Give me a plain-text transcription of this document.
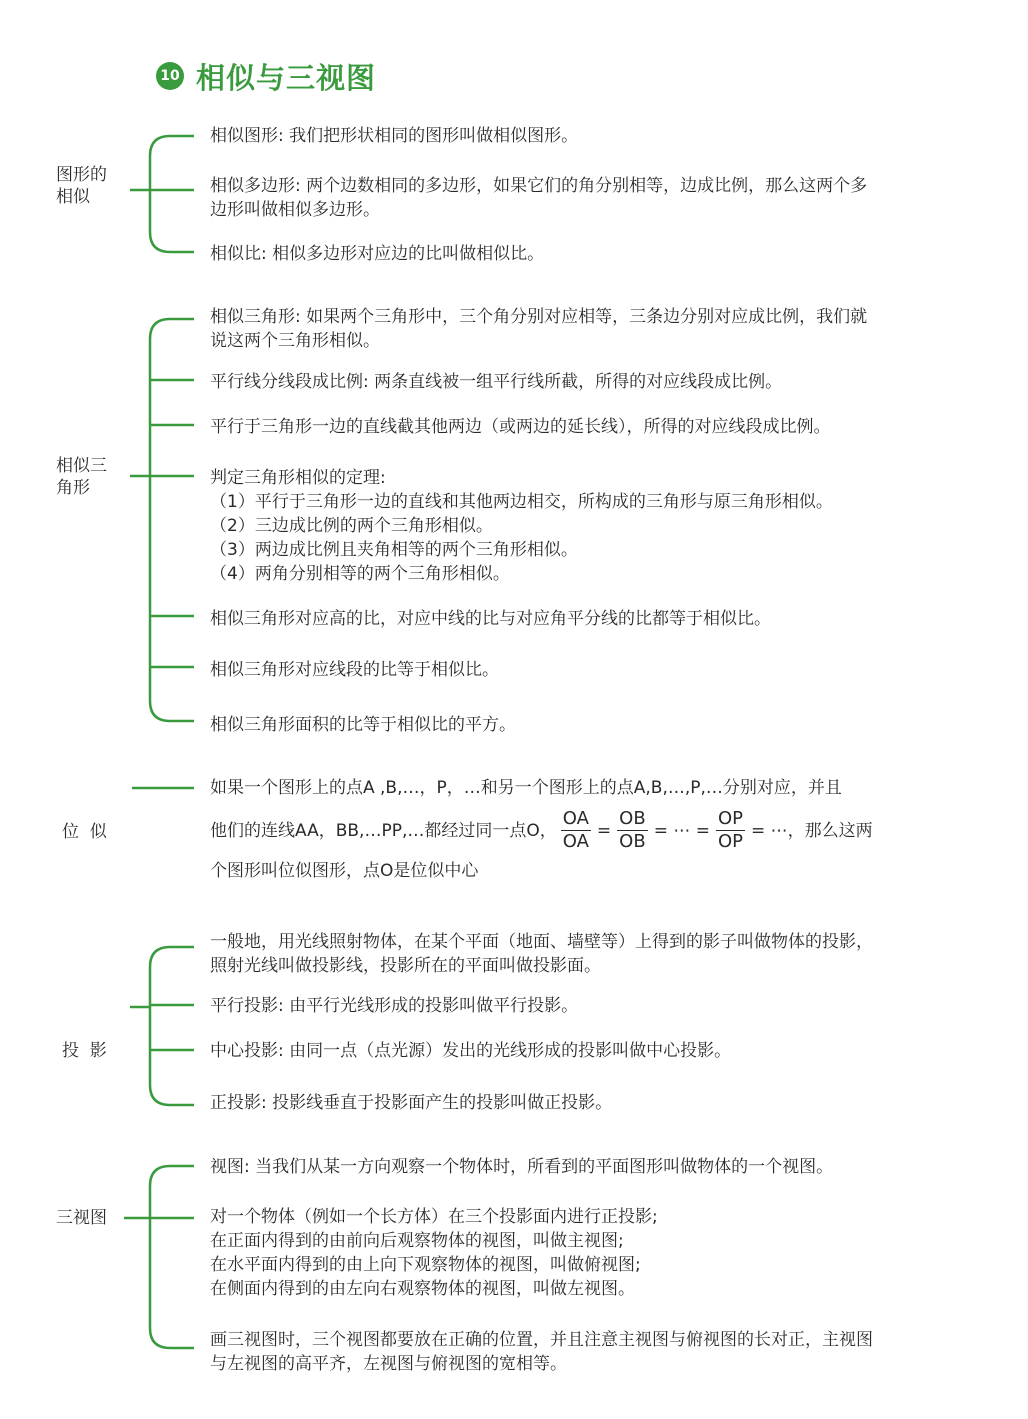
10 相似与三视图
图形的
相似
相似图形: 我们把形状相同的图形叫做相似图形。
相似多边形: 两个边数相同的多边形，如果它们的角分别相等，边成比例，那么这两个多
边形叫做相似多边形。
相似比: 相似多边形对应边的比叫做相似比。
相似三
角形
相似三角形: 如果两个三角形中，三个角分别对应相等，三条边分别对应成比例，我们就
说这两个三角形相似。
平行线分线段成比例: 两条直线被一组平行线所截，所得的对应线段成比例。
平行于三角形一边的直线截其他两边（或两边的延长线），所得的对应线段成比例。
判定三角形相似的定理:
（1）平行于三角形一边的直线和其他两边相交，所构成的三角形与原三角形相似。
（2）三边成比例的两个三角形相似。
（3）两边成比例且夹角相等的两个三角形相似。
（4）两角分别相等的两个三角形相似。
相似三角形对应高的比，对应中线的比与对应角平分线的比都等于相似比。
相似三角形对应线段的比等于相似比。
相似三角形面积的比等于相似比的平方。

位  似

如果一个图形上的点A ,B,…，P，…和另一个图形上的点A,B,…,P,…分别对应，并且
他们的连线AA，BB,…PP,…都经过同一点O， $\frac{OA}{OA} = \frac{OB}{OB}$ = ⋯ = $\frac{OP}{OP}$ = ⋯，那么这两
个图形叫位似图形，点O是位似中心

投  影

一般地，用光线照射物体，在某个平面（地面、墙壁等）上得到的影子叫做物体的投影，
照射光线叫做投影线，投影所在的平面叫做投影面。
平行投影: 由平行光线形成的投影叫做平行投影。
中心投影: 由同一点（点光源）发出的光线形成的投影叫做中心投影。
正投影: 投影线垂直于投影面产生的投影叫做正投影。
三视图
视图: 当我们从某一方向观察一个物体时，所看到的平面图形叫做物体的一个视图。
对一个物体（例如一个长方体）在三个投影面内进行正投影;
在正面内得到的由前向后观察物体的视图，叫做主视图;
在水平面内得到的由上向下观察物体的视图，叫做俯视图;
在侧面内得到的由左向右观察物体的视图，叫做左视图。
画三视图时，三个视图都要放在正确的位置，并且注意主视图与俯视图的长对正，主视图
与左视图的高平齐，左视图与俯视图的宽相等。
